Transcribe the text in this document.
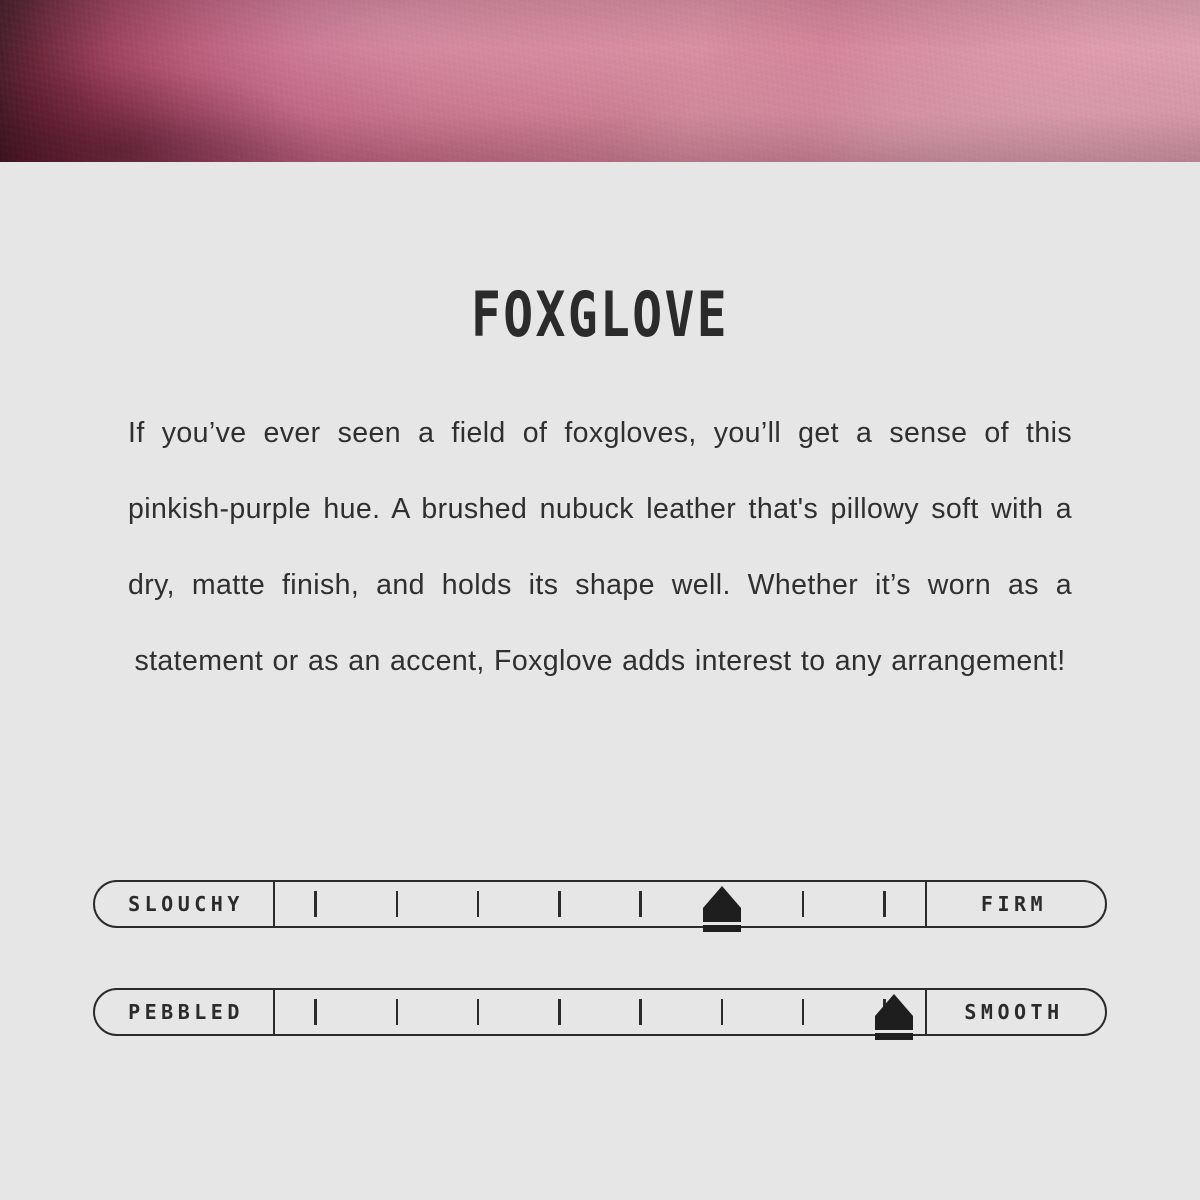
FOXGLOVE

If you’ve ever seen a field of foxgloves, you’ll get a sense of this pinkish-purple hue. A brushed nubuck leather that's pillowy soft with a dry, matte finish, and holds its shape well. Whether it’s worn as a statement or as an accent, Foxglove adds interest to any arrangement!

SLOUCHY	FIRM
PEBBLED	SMOOTH
